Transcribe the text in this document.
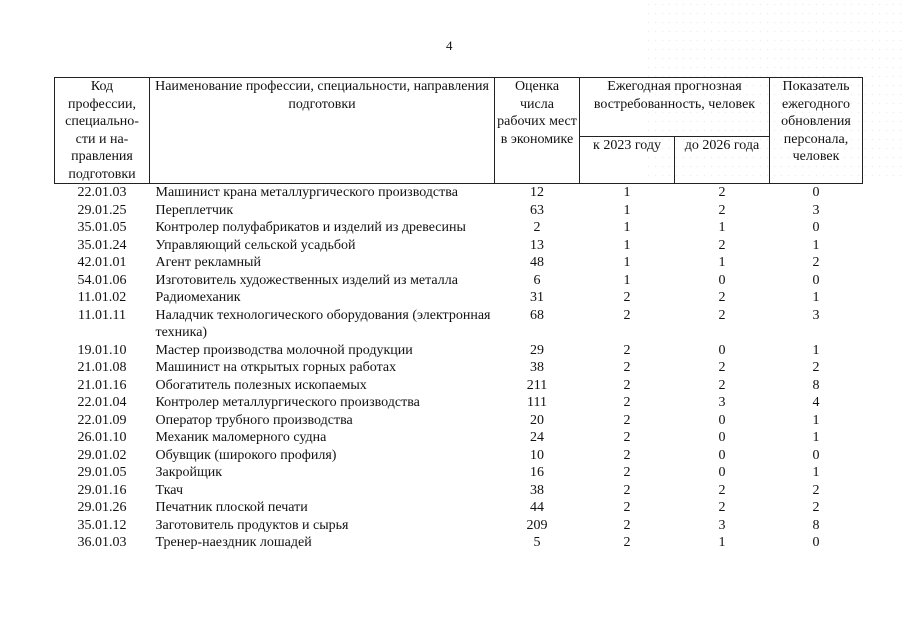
4
Код профессии, специально-сти и на-правления подготовки	Наименование профессии, специальности, направления подготовки	Оценка числа рабочих мест в экономике	Ежегодная прогнозная востребованность, человек		Показатель ежегодного обновления персонала, человек
			к 2023 году	до 2026 года	
22.01.03	Машинист крана металлургического производства	12	1	2	0
29.01.25	Переплетчик	63	1	2	3
35.01.05	Контролер полуфабрикатов и изделий из древесины	2	1	1	0
35.01.24	Управляющий сельской усадьбой	13	1	2	1
42.01.01	Агент рекламный	48	1	1	2
54.01.06	Изготовитель художественных изделий из металла	6	1	0	0
11.01.02	Радиомеханик	31	2	2	1
11.01.11	Наладчик технологического оборудования (электронная техника)	68	2	2	3
19.01.10	Мастер производства молочной продукции	29	2	0	1
21.01.08	Машинист на открытых горных работах	38	2	2	2
21.01.16	Обогатитель полезных ископаемых	211	2	2	8
22.01.04	Контролер металлургического производства	111	2	3	4
22.01.09	Оператор трубного производства	20	2	0	1
26.01.10	Механик маломерного судна	24	2	0	1
29.01.02	Обувщик (широкого профиля)	10	2	0	0
29.01.05	Закройщик	16	2	0	1
29.01.16	Ткач	38	2	2	2
29.01.26	Печатник плоской печати	44	2	2	2
35.01.12	Заготовитель продуктов и сырья	209	2	3	8
36.01.03	Тренер-наездник лошадей	5	2	1	0
